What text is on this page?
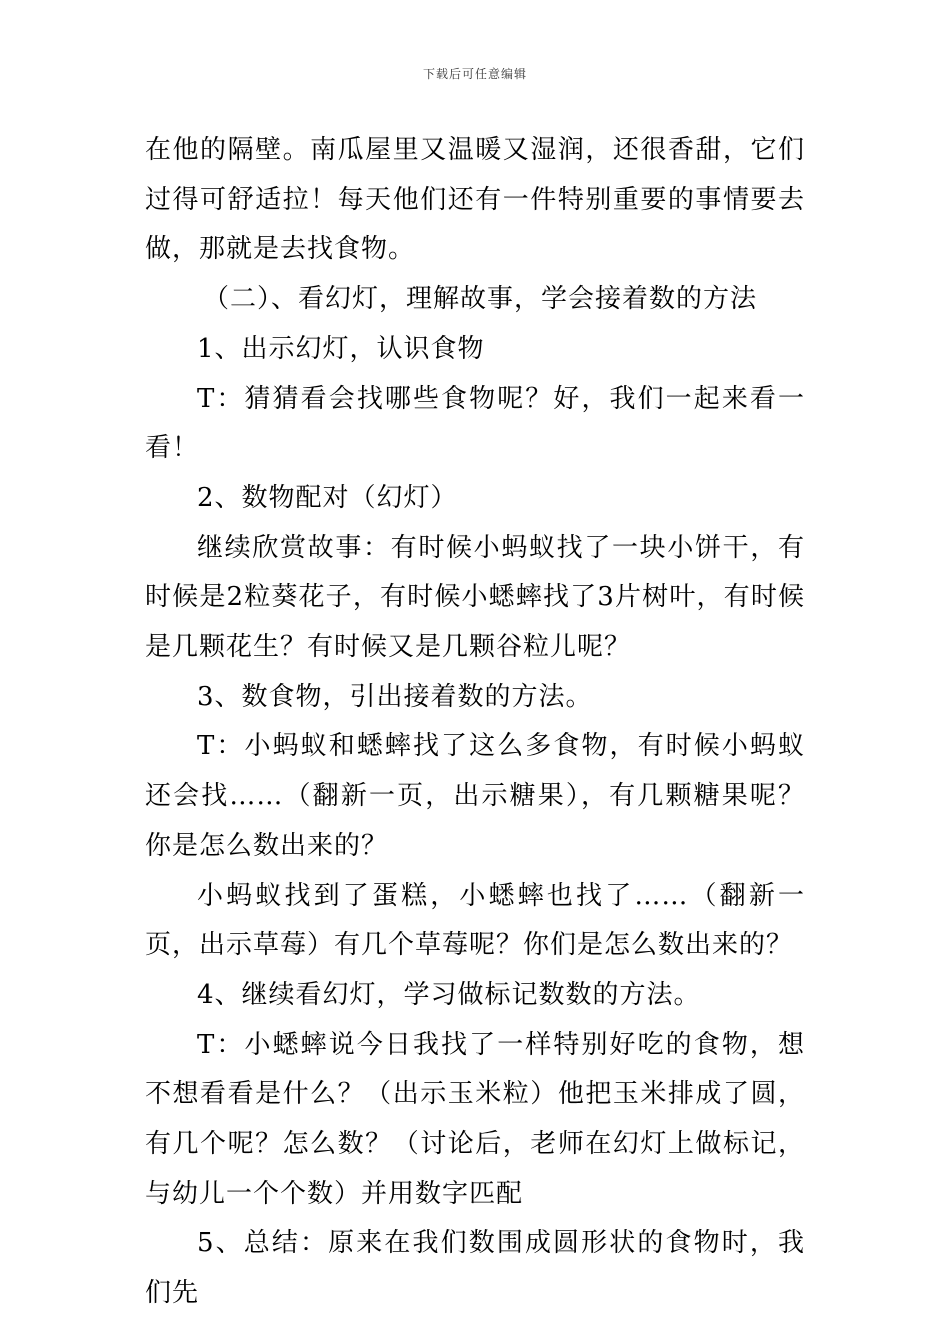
下载后可任意编辑

在他的隔壁。南瓜屋里又温暖又湿润，还很香甜，它们过得可舒适拉！每天他们还有一件特别重要的事情要去做，那就是去找食物。

（二）、看幻灯，理解故事，学会接着数的方法

1、出示幻灯，认识食物

T：猜猜看会找哪些食物呢？好，我们一起来看一看！

2、数物配对（幻灯）

继续欣赏故事：有时候小蚂蚁找了一块小饼干，有时候是2粒葵花子，有时候小蟋蟀找了3片树叶，有时候是几颗花生？有时候又是几颗谷粒儿呢？

3、数食物，引出接着数的方法。

T：小蚂蚁和蟋蟀找了这么多食物，有时候小蚂蚁还会找……（翻新一页，出示糖果），有几颗糖果呢？你是怎么数出来的？

小蚂蚁找到了蛋糕，小蟋蟀也找了……（翻新一页，出示草莓）有几个草莓呢？你们是怎么数出来的？

4、继续看幻灯，学习做标记数数的方法。

T：小蟋蟀说今日我找了一样特别好吃的食物，想不想看看是什么？（出示玉米粒）他把玉米排成了圆，有几个呢？怎么数？（讨论后，老师在幻灯上做标记，与幼儿一个个数）并用数字匹配

5、总结：原来在我们数围成圆形状的食物时，我们先
